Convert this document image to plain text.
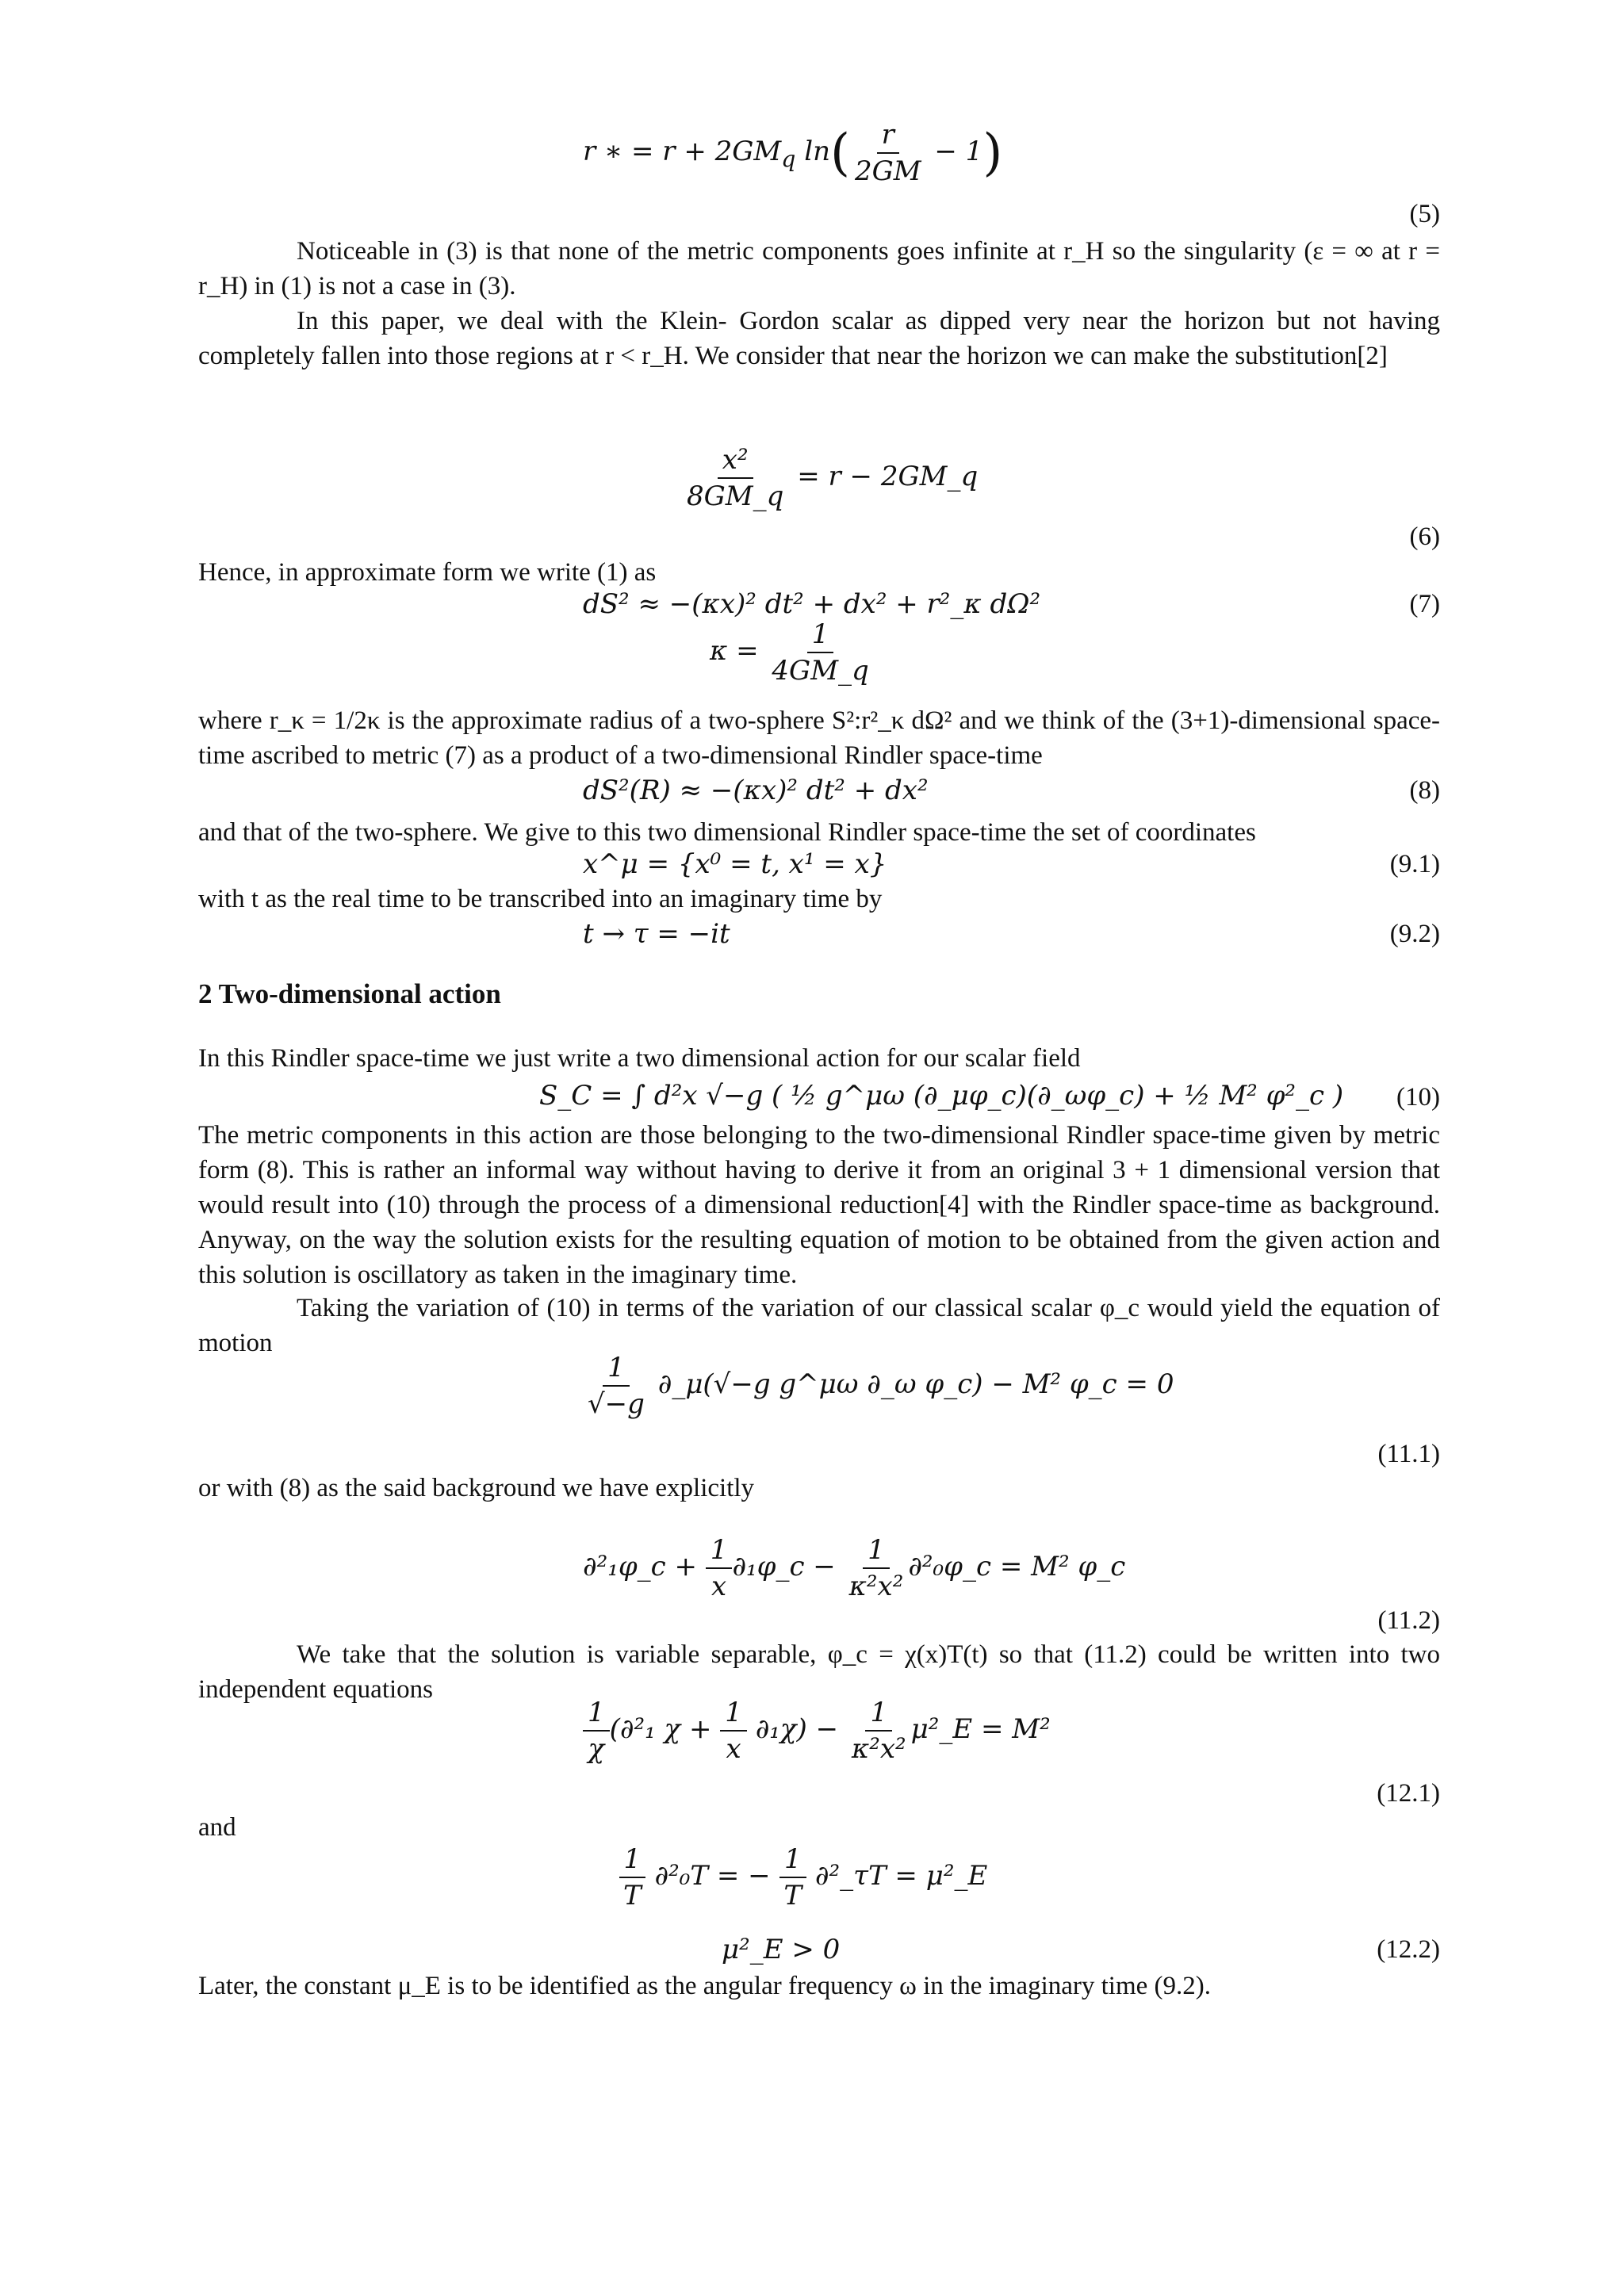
r ∗ = $r + 2GM_q$ $\ln( \frac{r}{2GM} - 1)$
(5)

Noticeable in (3) is that none of the metric components goes infinite at r_H so the singularity (ε = ∞ at r = r_H) in (1) is not a case in (3).

In this paper, we deal with the Klein- Gordon scalar as dipped very near the horizon but not having completely fallen into those regions at r < r_H. We consider that near the horizon we can make the substitution[2]

$\frac{\text{x²}}{8GM\_q} = r$ − 2GM_q
(6)

Hence, in approximate form we write (1) as

dS² ≈ −(κx)² dt² + dx² + r²_κ dΩ²	(7)
$\kappa = \frac{1}{4GM\_q}$

where r_κ = 1/2κ is the approximate radius of a two-sphere S²:r²_κ dΩ² and we think of the (3+1)-dimensional space-time ascribed to metric (7) as a product of a two-dimensional Rindler space-time

dS²(R) ≈ −(κx)² dt² + dx²	(8)

and that of the two-sphere. We give to this two dimensional Rindler space-time the set of coordinates

x^μ = {x⁰ = t, x¹ = x}	(9.1)

with t as the real time to be transcribed into an imaginary time by

t → τ = −it	(9.2)
2 Two-dimensional action

In this Rindler space-time we just write a two dimensional action for our scalar field

S_C = ∫ d²x √−g ( ½ g^μω (∂_μφ_c)(∂_ωφ_c) + ½ M² φ²_c ) (10)

The metric components in this action are those belonging to the two-dimensional Rindler space-time given by metric form (8). This is rather an informal way without having to derive it from an original 3 + 1 dimensional version that would result into (10) through the process of a dimensional reduction[4] with the Rindler space-time as background. Anyway, on the way the solution exists for the resulting equation of motion to be obtained from the given action and this solution is oscillatory as taken in the imaginary time.

Taking the variation of (10) in terms of the variation of our classical scalar φ_c would yield the equation of motion

$\frac{1}{√-g}$ ∂_μ(√−g g^μω ∂_ω φ_c) − M² φ_c = 0
(11.1)

or with (8) as the said background we have explicitly

∂²₁φ_c + $\frac{1}{x}$ ∂₁φ_c − $\frac{1}{\text{κ²x²}}$ ∂²₀φ_c = M² φ_c
(11.2)

We take that the solution is variable separable, φ_c = χ(x)T(t) so that (11.2) could be written into two independent equations

$\frac{1}{\chi} (\partial^2_1$ $\chi + \frac{1}{x} \partial_1\chi) - \frac{1}{\text{κ²x²}}$ μ²_E = M²
(12.1)

and

$\frac{1}{T} \partial^2_0T$ = − $\frac{1}{T}$ ∂²_τT = μ²_E
μ²_E > 0	(12.2)

Later, the constant μ_E is to be identified as the angular frequency ω in the imaginary time (9.2).
